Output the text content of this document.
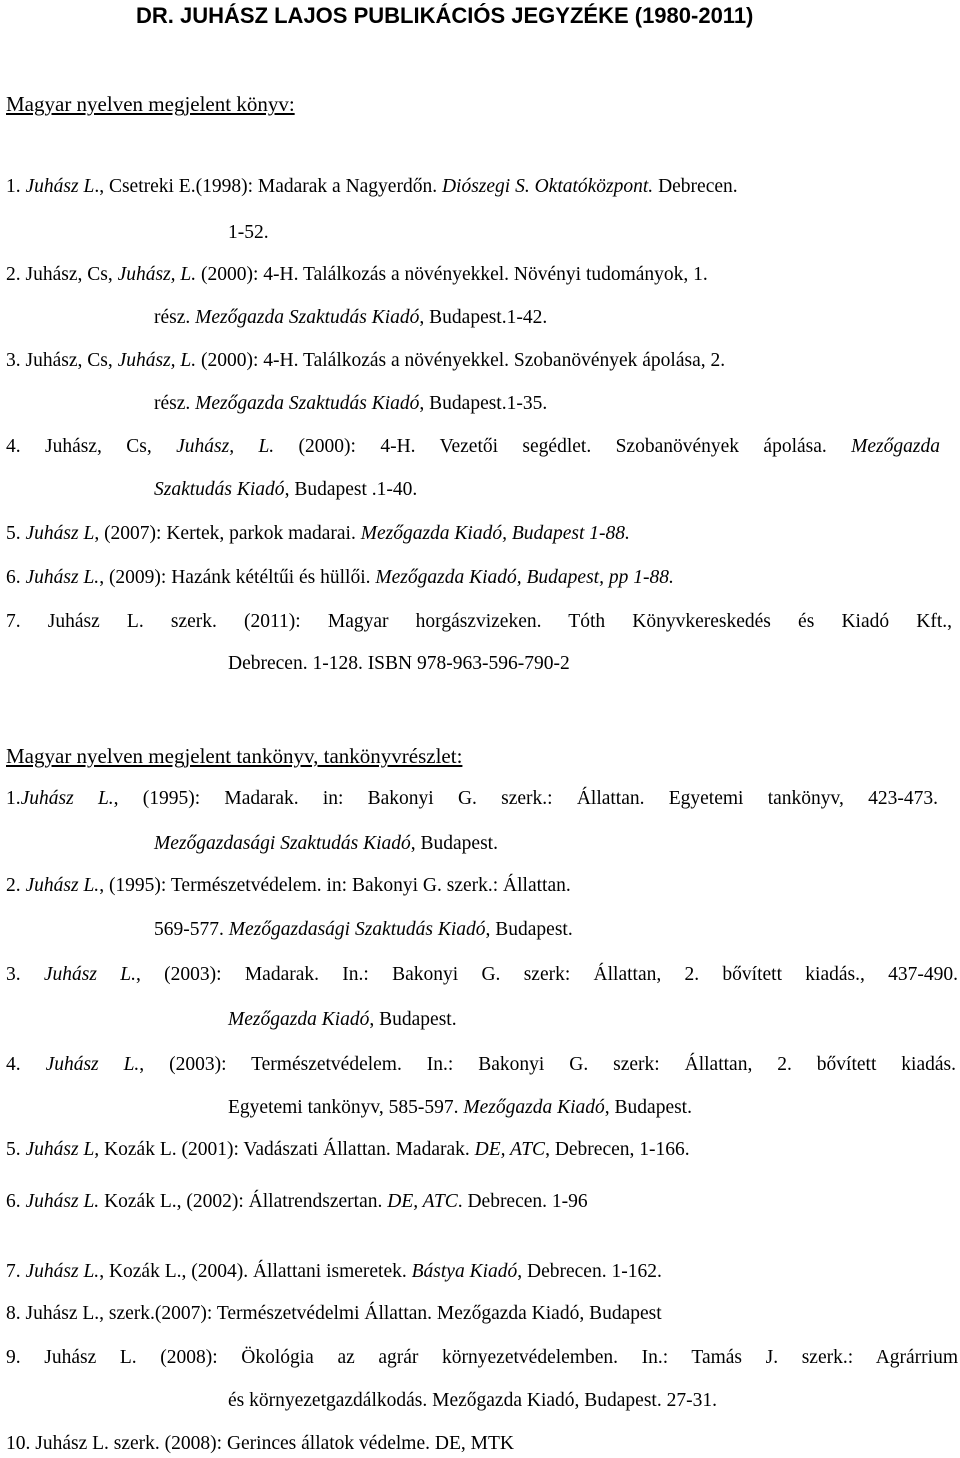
DR. JUHÁSZ LAJOS PUBLIKÁCIÓS JEGYZÉKE (1980-2011)
Magyar nyelven megjelent könyv:
Magyar nyelven megjelent tankönyv, tankönyvrészlet:
1. Juhász L., Csetreki E.(1998): Madarak a Nagyerdőn. Diószegi S. Oktatóközpont. Debrecen.
1-52.
2. Juhász, Cs, Juhász, L. (2000): 4-H. Találkozás a növényekkel. Növényi tudományok, 1.
rész. Mezőgazda Szaktudás Kiadó, Budapest.1-42.
3. Juhász, Cs, Juhász, L. (2000): 4-H. Találkozás a növényekkel. Szobanövények ápolása, 2.
rész. Mezőgazda Szaktudás Kiadó, Budapest.1-35.
4. Juhász, Cs, Juhász, L. (2000): 4-H. Vezetői segédlet. Szobanövények ápolása. Mezőgazda
Szaktudás Kiadó, Budapest .1-40.
5. Juhász L, (2007): Kertek, parkok madarai. Mezőgazda Kiadó, Budapest 1-88.
6. Juhász L., (2009): Hazánk kétéltűi és hüllői. Mezőgazda Kiadó, Budapest, pp 1-88.
7. Juhász L. szerk. (2011): Magyar horgászvizeken. Tóth Könyvkereskedés és Kiadó Kft.,
Debrecen. 1-128. ISBN 978-963-596-790-2
1.Juhász L., (1995): Madarak. in: Bakonyi G. szerk.: Állattan. Egyetemi tankönyv, 423-473.
Mezőgazdasági Szaktudás Kiadó, Budapest.
2. Juhász L., (1995): Természetvédelem. in: Bakonyi G. szerk.: Állattan.
569-577. Mezőgazdasági Szaktudás Kiadó, Budapest.
3. Juhász L., (2003): Madarak. In.: Bakonyi G. szerk: Állattan, 2. bővített kiadás., 437-490.
Mezőgazda Kiadó, Budapest.
4. Juhász L., (2003): Természetvédelem. In.: Bakonyi G. szerk: Állattan, 2. bővített kiadás.
Egyetemi tankönyv, 585-597. Mezőgazda Kiadó, Budapest.
5. Juhász L, Kozák L. (2001): Vadászati Állattan. Madarak. DE, ATC, Debrecen, 1-166.
6. Juhász L. Kozák L., (2002): Állatrendszertan. DE, ATC. Debrecen. 1-96
7. Juhász L., Kozák L., (2004). Állattani ismeretek. Bástya Kiadó, Debrecen. 1-162.
8. Juhász L., szerk.(2007): Természetvédelmi Állattan. Mezőgazda Kiadó, Budapest
9. Juhász L. (2008): Ökológia az agrár környezetvédelemben. In.: Tamás J. szerk.: Agrárrium
és környezetgazdálkodás. Mezőgazda Kiadó, Budapest. 27-31.
10. Juhász L. szerk. (2008): Gerinces állatok védelme. DE, MTK
